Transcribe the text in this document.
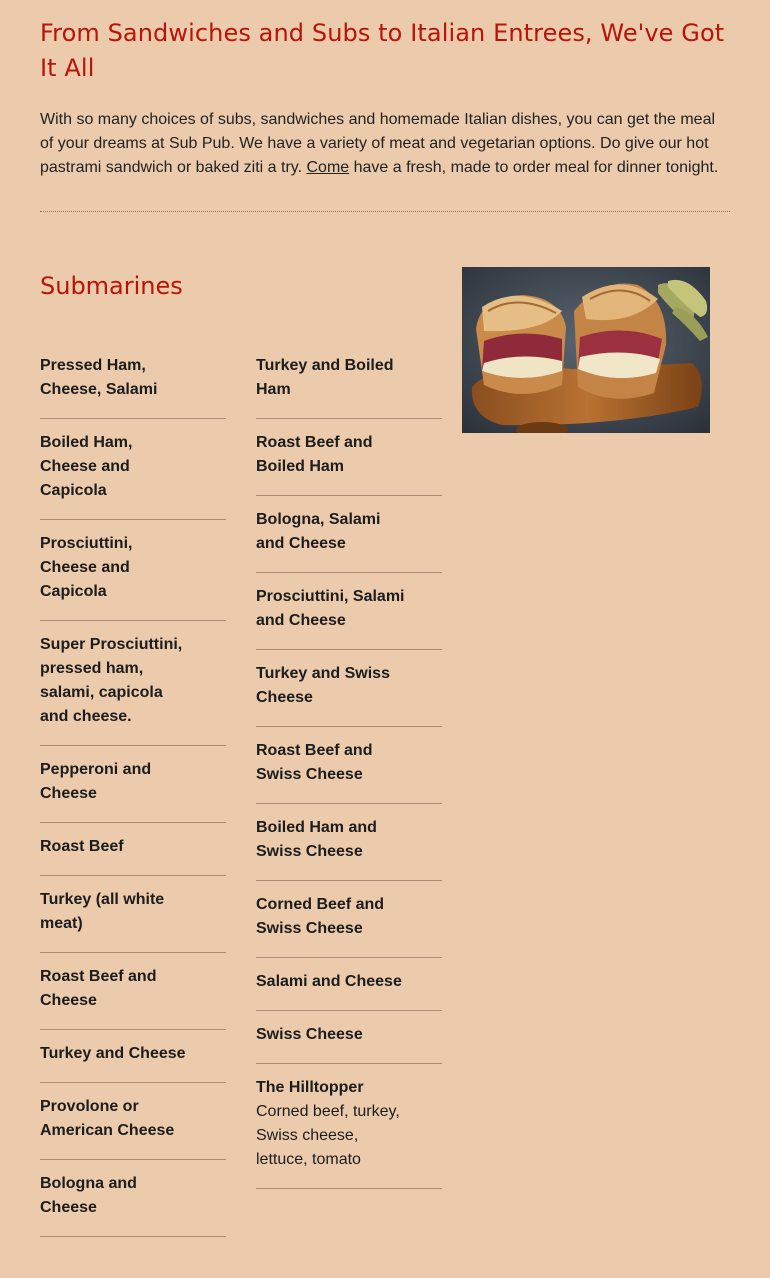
From Sandwiches and Subs to Italian Entrees, We've Got It All

With so many choices of subs, sandwiches and homemade Italian dishes, you can get the meal of your dreams at Sub Pub. We have a variety of meat and vegetarian options. Do give our hot pastrami sandwich or baked ziti a try. Come have a fresh, made to order meal for dinner tonight.

Submarines
Pressed Ham, Cheese, Salami
Boiled Ham, Cheese and Capicola
Prosciuttini, Cheese and Capicola
Super Prosciuttini, pressed ham, salami, capicola and cheese.
Pepperoni and Cheese
Roast Beef
Turkey (all white meat)
Roast Beef and Cheese
Turkey and Cheese
Provolone or American Cheese
Bologna and Cheese
Turkey and Boiled Ham
Roast Beef and Boiled Ham
Bologna, Salami and Cheese
Prosciuttini, Salami and Cheese
Turkey and Swiss Cheese
Roast Beef and Swiss Cheese
Boiled Ham and Swiss Cheese
Corned Beef and Swiss Cheese
Salami and Cheese
Swiss Cheese
The Hilltopper
Corned beef, turkey, Swiss cheese, lettuce, tomato
